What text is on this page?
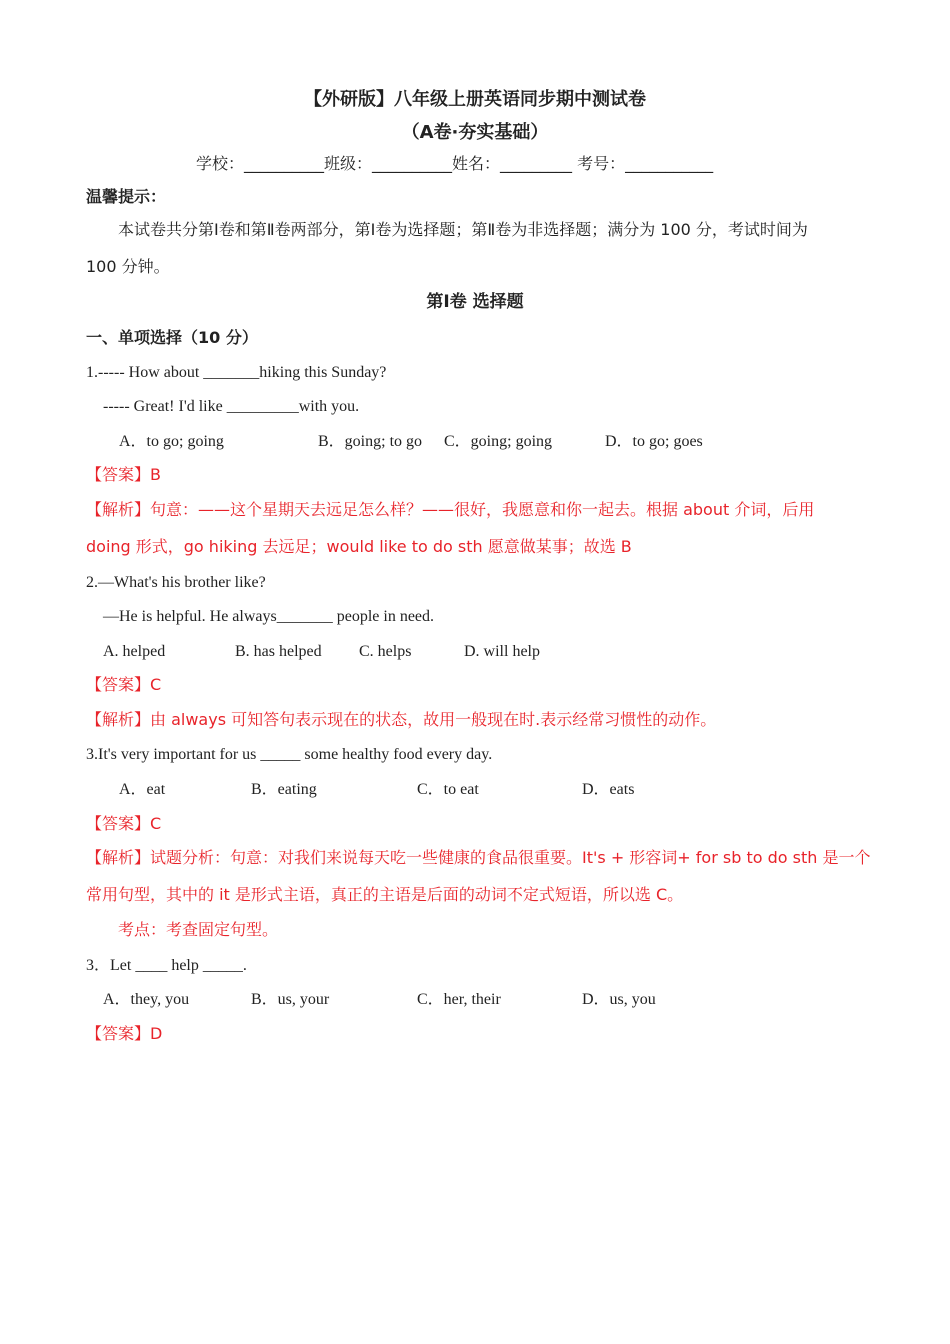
【外研版】八年级上册英语同步期中测试卷
（A卷·夯实基础）
学校：__________班级：__________姓名：_________ 考号：___________
温馨提示：
本试卷共分第Ⅰ卷和第Ⅱ卷两部分，第Ⅰ卷为选择题；第Ⅱ卷为非选择题；满分为 100 分，考试时间为
100 分钟。
第Ⅰ卷 选择题
一、单项选择（10 分）
1.----- How about _______hiking this Sunday?
----- Great! I'd like _________with you.
A．to go; going	B．going; to go C．going; going	D．to go; goes
【答案】B
【解析】句意：——这个星期天去远足怎么样？——很好，我愿意和你一起去。根据 about 介词，后用
doing 形式，go hiking 去远足；would like to do sth 愿意做某事；故选 B
2.—What's his brother like?
—He is helpful. He always_______ people in need.
A. helped	B. has helped C. helps	D. will help
【答案】C
【解析】由 always 可知答句表示现在的状态，故用一般现在时.表示经常习惯性的动作。
3.It's very important for us _____ some healthy food every day.
A．eat	B．eating	C．to eat	D．eats
【答案】C
【解析】试题分析：句意：对我们来说每天吃一些健康的食品很重要。It's + 形容词+ for sb to do sth 是一个
常用句型，其中的 it 是形式主语，真正的主语是后面的动词不定式短语，所以选 C。
考点：考查固定句型。
3．Let ____ help _____.
A．they, you	B．us, your	C．her, their	D．us, you
【答案】D
